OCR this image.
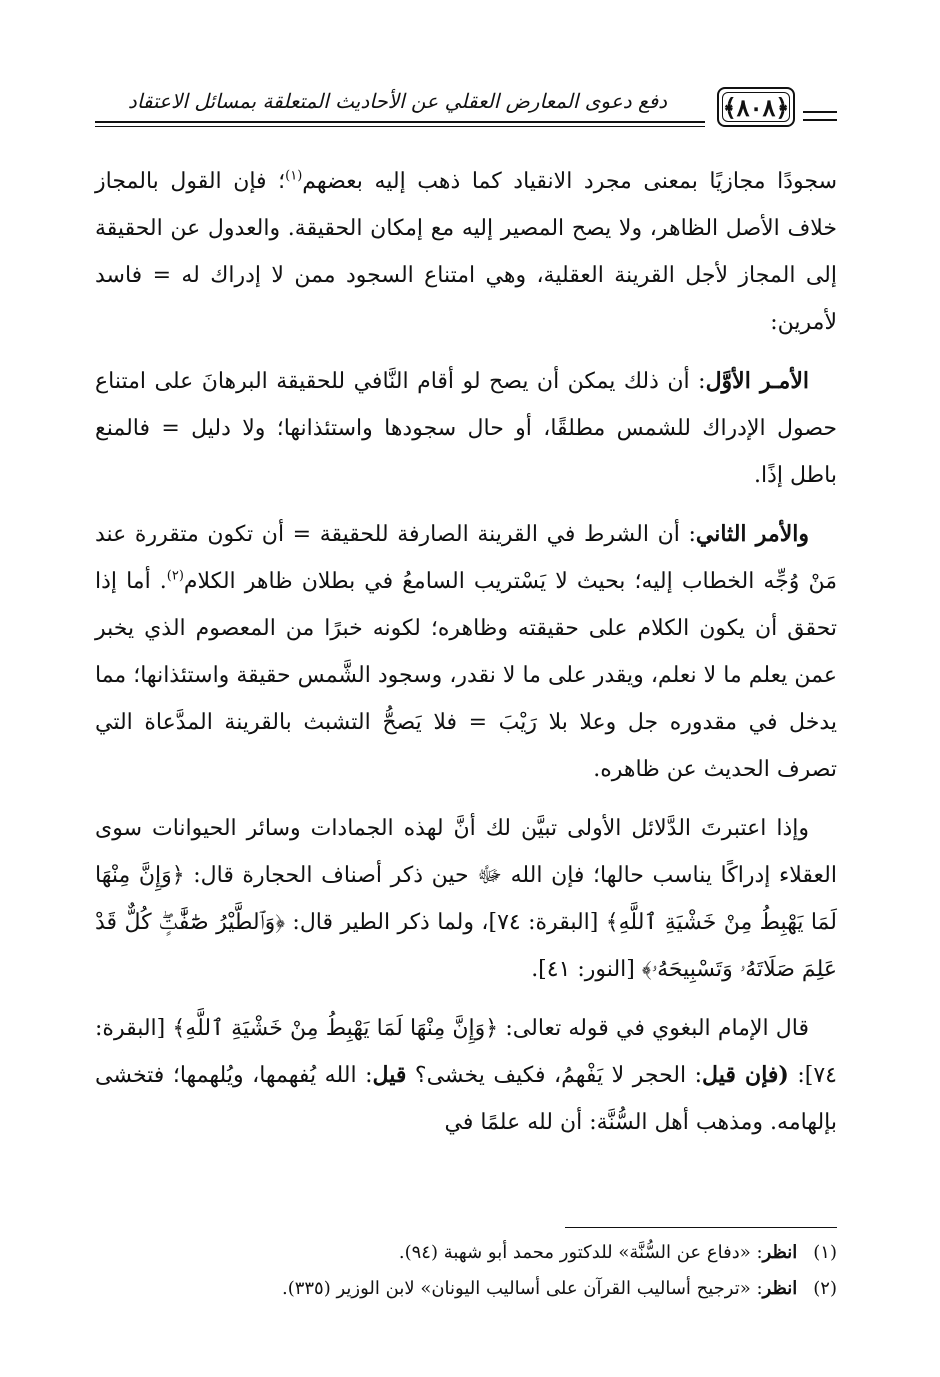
دفع دعوى المعارض العقلي عن الأحاديث المتعلقة بمسائل الاعتقاد	﴿٨٠٨﴾

سجودًا مجازيًا بمعنى مجرد الانقياد كما ذهب إليه بعضهم$^{(١)}$؛ فإن القول بالمجاز خلاف الأصل الظاهر، ولا يصح المصير إليه مع إمكان الحقيقة. والعدول عن الحقيقة إلى المجاز لأجل القرينة العقلية، وهي امتناع السجود ممن لا إدراك له = فاسد لأمرين:

الأمـر الأوَّل: أن ذلك يمكن أن يصح لو أقام النَّافي للحقيقة البرهانَ على امتناع حصول الإدراك للشمس مطلقًا، أو حال سجودها واستئذانها؛ ولا دليل = فالمنع باطل إذًا.

والأمر الثاني: أن الشرط في القرينة الصارفة للحقيقة = أن تكون متقررة عند مَنْ وُجِّه الخطاب إليه؛ بحيث لا يَسْتريب السامعُ في بطلان ظاهر الكلام$^{(٢)}$. أما إذا تحقق أن يكون الكلام على حقيقته وظاهره؛ لكونه خبرًا من المعصوم الذي يخبر عمن يعلم ما لا نعلم، ويقدر على ما لا نقدر، وسجود الشَّمس حقيقة واستئذانها؛ مما يدخل في مقدوره جل وعلا بلا رَيْبَ = فلا يَصحُّ التشبث بالقرينة المدَّعاة التي تصرف الحديث عن ظاهره.

وإذا اعتبرتَ الدَّلائل الأولى تبيَّن لك أنَّ لهذه الجمادات وسائر الحيوانات سوى العقلاء إدراكًا يناسب حالها؛ فإن الله ﷻ حين ذكر أصناف الحجارة قال: ﴿وَإِنَّ مِنْهَا لَمَا يَهْبِطُ مِنْ خَشْيَةِ ٱللَّهِ﴾ [البقرة: ٧٤]، ولما ذكر الطير قال: ﴿وَٱلطَّيْرُ صَٰٓفَّٰتٍۖ كُلٌّ قَدْ عَلِمَ صَلَاتَهُۥ وَتَسْبِيحَهُۥ﴾ [النور: ٤١].

قال الإمام البغوي في قوله تعالى: ﴿وَإِنَّ مِنْهَا لَمَا يَهْبِطُ مِنْ خَشْيَةِ ٱللَّهِ﴾ [البقرة: ٧٤]: (فإن قيل: الحجر لا يَفْهمُ، فكيف يخشى؟ قيل: الله يُفهمها، ويُلهمها؛ فتخشى بإلهامه. ومذهب أهل السُّنَّة: أن لله علمًا في

(١) انظر: «دفاع عن السُّنَّة» للدكتور محمد أبو شهبة (٩٤).

(٢) انظر: «ترجيح أساليب القرآن على أساليب اليونان» لابن الوزير (٣٣٥).
